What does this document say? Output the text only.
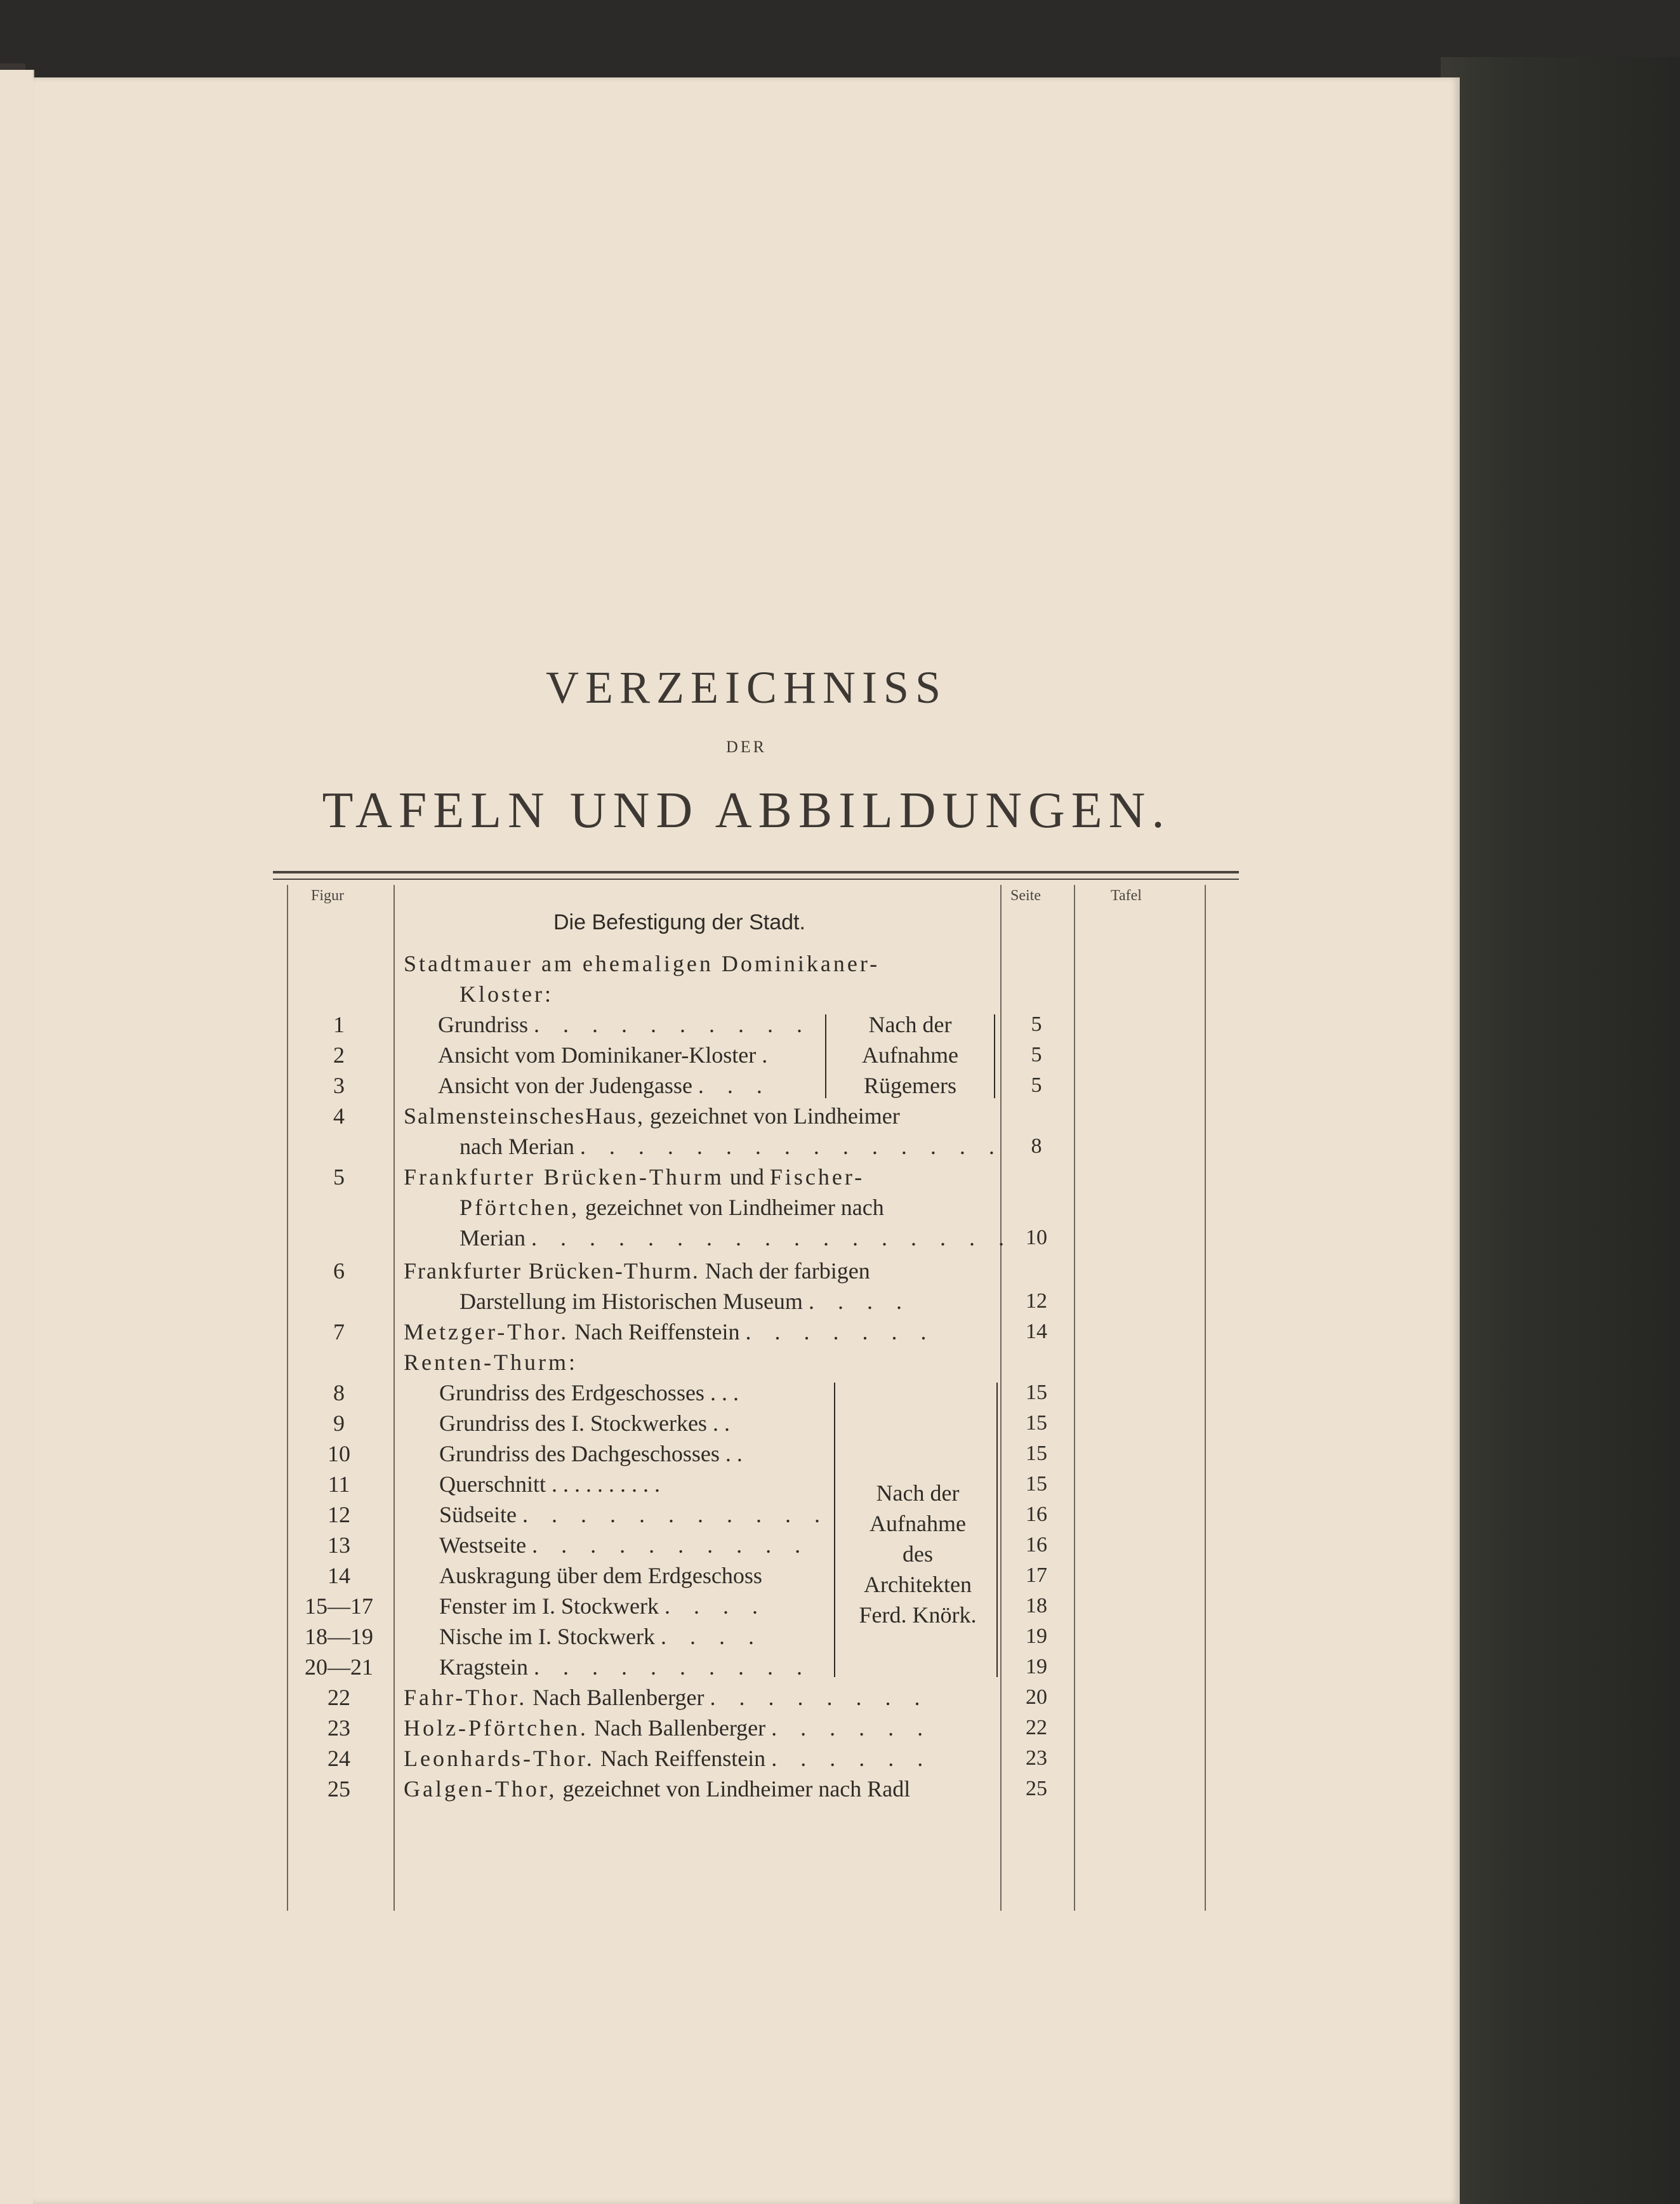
VERZEICHNISS
DER
TAFELN UND ABBILDUNGEN.
Figur	Seite	Tafel
Die Befestigung der Stadt.
Stadtmauer am ehemaligen Dominikaner-
Kloster:
1	Grundriss . . . . . . . . . .	5
2	Ansicht vom Dominikaner-Kloster .	5
3	Ansicht von der Judengasse . . .	5
Nach der
Aufnahme
Rügemers
4	SalmensteinschesHaus, gezeichnet von Lindheimer
nach Merian . . . . . . . . . . . . . . .	8
5	Frankfurter Brücken-Thurm und Fischer-
Pförtchen, gezeichnet von Lindheimer nach
Merian . . . . . . . . . . . . . . . . . 10
6	Frankfurter Brücken-Thurm. Nach der farbigen
Darstellung im Historischen Museum . . . .	12
7	Metzger-Thor. Nach Reiffenstein . . . . . . .	14
Renten-Thurm:
8	Grundriss des Erdgeschosses . . .	15
9	Grundriss des I. Stockwerkes . .	15
10	Grundriss des Dachgeschosses . .	15
11	Querschnitt . . . . . . . . . .	15
12	Südseite . . . . . . . . . . .	16
13	Westseite . . . . . . . . . .	16
14	Auskragung über dem Erdgeschoss	17
15—17	Fenster im I. Stockwerk . . . .	18
18—19	Nische im I. Stockwerk . . . .	19
20—21	Kragstein . . . . . . . . . .	19
Nach der
Aufnahme
des
Architekten
Ferd. Knörk.
22	Fahr-Thor. Nach Ballenberger . . . . . . . .	20
23	Holz-Pförtchen. Nach Ballenberger . . . . . .	22
24	Leonhards-Thor. Nach Reiffenstein . . . . . .	23
25	Galgen-Thor, gezeichnet von Lindheimer nach Radl	25
